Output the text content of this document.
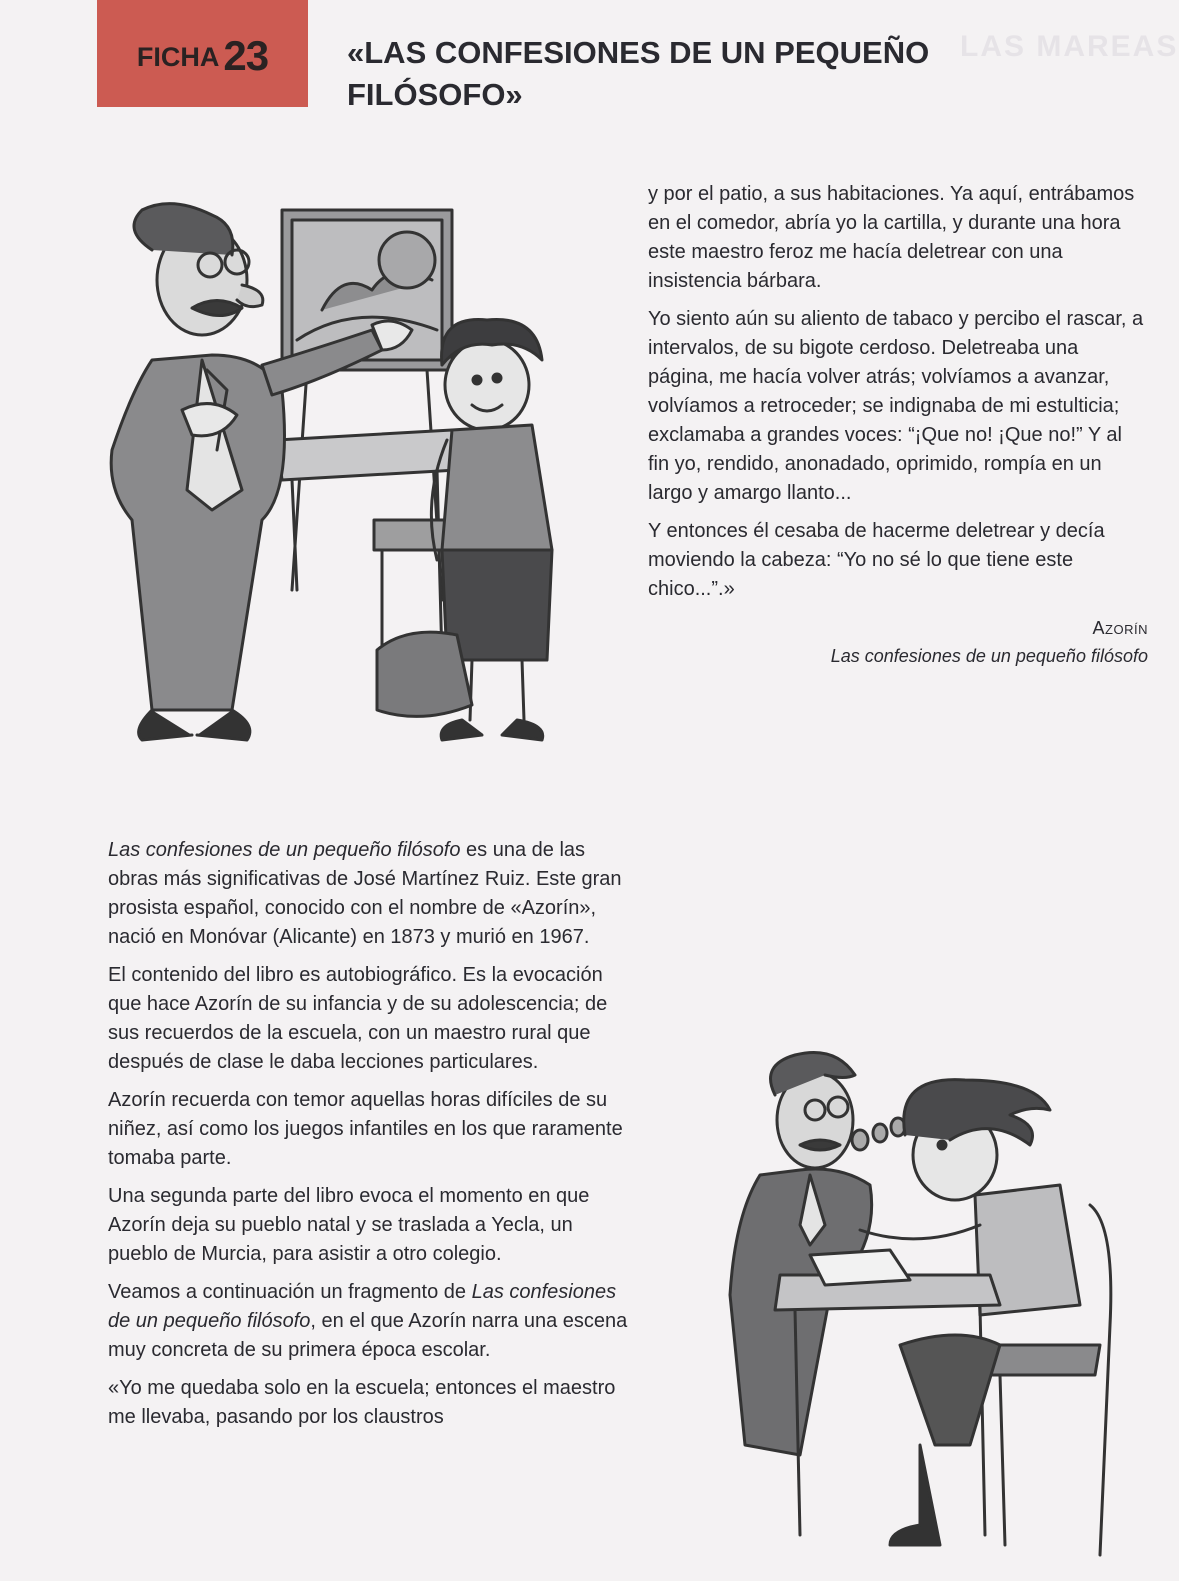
LAS MAREAS
FICHA 23	«LAS CONFESIONES DE UN PEQUEÑO
FILÓSOFO»

y por el patio, a sus habitaciones. Ya aquí, entrábamos en el comedor, abría yo la cartilla, y durante una hora este maestro feroz me hacía deletrear con una insistencia bárbara.

Yo siento aún su aliento de tabaco y percibo el rascar, a intervalos, de su bigote cerdoso. Deletreaba una página, me hacía volver atrás; volvíamos a avanzar, volvíamos a retroceder; se indignaba de mi estulticia; exclamaba a grandes voces: “¡Que no! ¡Que no!” Y al fin yo, rendido, anonadado, oprimido, rompía en un largo y amargo llanto...

Y entonces él cesaba de hacerme deletrear y decía moviendo la cabeza: “Yo no sé lo que tiene este chico...”.»

Azorín
Las confesiones de un pequeño filósofo

Las confesiones de un pequeño filósofo es una de las obras más significativas de José Martínez Ruiz. Este gran prosista español, conocido con el nombre de «Azorín», nació en Monóvar (Alicante) en 1873 y murió en 1967.

El contenido del libro es autobiográfico. Es la evocación que hace Azorín de su infancia y de su adolescencia; de sus recuerdos de la escuela, con un maestro rural que después de clase le daba lecciones particulares.

Azorín recuerda con temor aquellas horas difíciles de su niñez, así como los juegos infantiles en los que raramente tomaba parte.

Una segunda parte del libro evoca el momento en que Azorín deja su pueblo natal y se traslada a Yecla, un pueblo de Murcia, para asistir a otro colegio.

Veamos a continuación un fragmento de Las confesiones de un pequeño filósofo, en el que Azorín narra una escena muy concreta de su primera época escolar.

«Yo me quedaba solo en la escuela; entonces el maestro me llevaba, pasando por los claustros
